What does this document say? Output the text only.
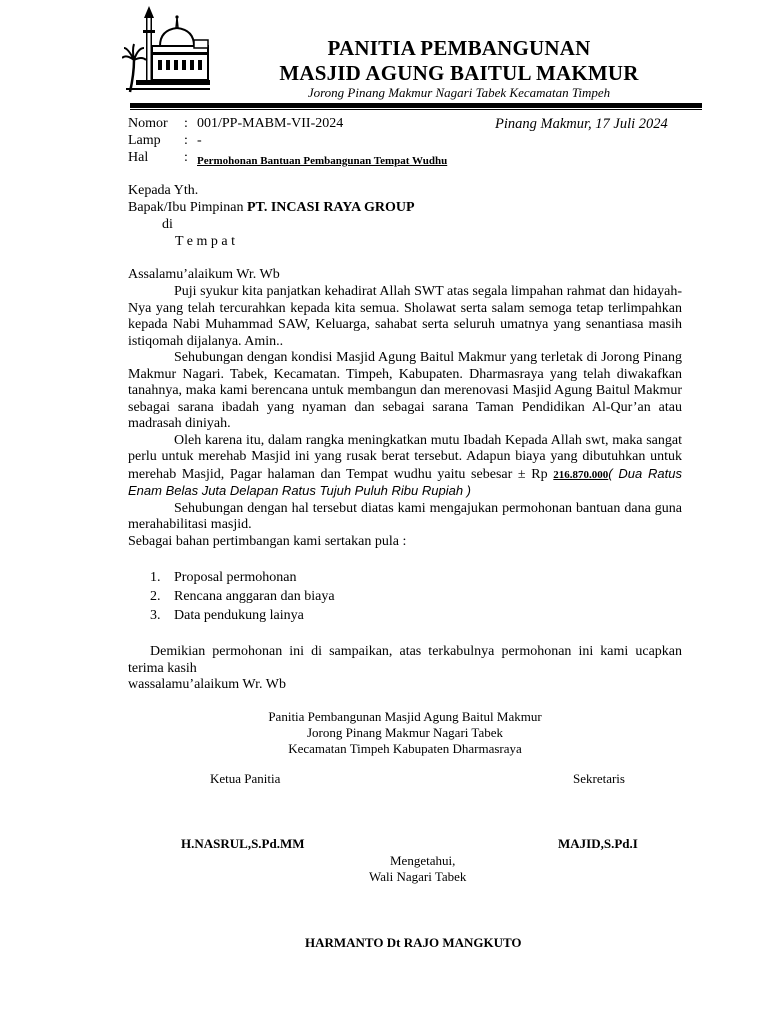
PANITIA PEMBANGUNAN
MASJID AGUNG BAITUL MAKMUR
Jorong Pinang Makmur Nagari Tabek Kecamatan Timpeh
Nomor : 001/PP-MABM-VII-2024	Pinang Makmur, 17 Juli 2024
Lamp : -
Hal	: Permohonan Bantuan Pembangunan Tempat Wudhu
Kepada Yth.
Bapak/Ibu Pimpinan PT. INCASI RAYA GROUP
di
T e m p a t
Assalamu’alaikum Wr. Wb

Puji syukur kita panjatkan kehadirat Allah SWT atas segala limpahan rahmat dan hidayah-Nya yang telah tercurahkan kepada kita semua. Sholawat serta salam semoga tetap terlimpahkan kepada Nabi Muhammad SAW, Keluarga, sahabat serta seluruh umatnya yang senantiasa masih istiqomah dijalanya. Amin..

Sehubungan dengan kondisi Masjid Agung Baitul Makmur yang terletak di Jorong Pinang Makmur Nagari. Tabek, Kecamatan. Timpeh, Kabupaten. Dharmasraya yang telah diwakafkan tanahnya, maka kami berencana untuk membangun dan merenovasi Masjid Agung Baitul Makmur sebagai sarana ibadah yang nyaman dan sebagai sarana Taman Pendidikan Al-Qur’an atau madrasah diniyah.

Oleh karena itu, dalam rangka meningkatkan mutu Ibadah Kepada Allah swt, maka sangat perlu untuk merehab Masjid ini yang rusak berat tersebut. Adapun biaya yang dibutuhkan untuk merehab Masjid, Pagar halaman dan Tempat wudhu yaitu sebesar ± Rp 216.870.000( Dua Ratus Enam Belas Juta Delapan Ratus Tujuh Puluh Ribu Rupiah )

Sehubungan dengan hal tersebut diatas kami mengajukan permohonan bantuan dana guna merahabilitasi masjid.

Sebagai bahan pertimbangan kami sertakan pula :

1. Proposal permohonan
2. Rencana anggaran dan biaya
3. Data pendukung lainya

Demikian permohonan ini di sampaikan, atas terkabulnya permohonan ini kami ucapkan terima kasih

wassalamu’alaikum Wr. Wb

Panitia Pembangunan Masjid Agung Baitul Makmur
Jorong Pinang Makmur Nagari Tabek
Kecamatan Timpeh Kabupaten Dharmasraya
Ketua Panitia	Sekretaris
H.NASRUL,S.Pd.MM	MAJID,S.Pd.I
Mengetahui,
Wali Nagari Tabek
HARMANTO Dt RAJO MANGKUTO
